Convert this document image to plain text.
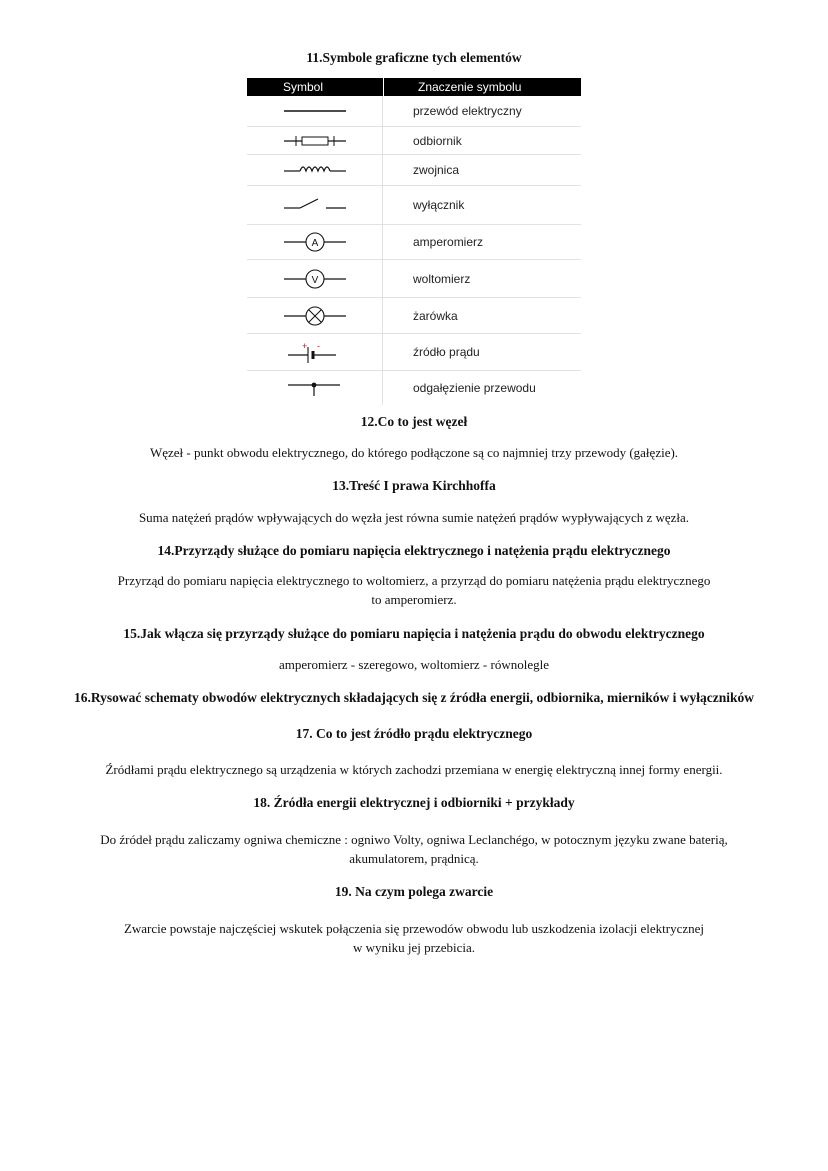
11.Symbole graficzne tych elementów
Symbol	Znaczenie symbolu
przewód elektryczny
odbiornik
zwojnica
wyłącznik
A	amperomierz
V	woltomierz
żarówka
+ -	źródło prądu
odgałęzienie przewodu
12.Co to jest węzeł

Węzeł - punkt obwodu elektrycznego, do którego podłączone są co najmniej trzy przewody (gałęzie).

13.Treść I prawa Kirchhoffa

Suma natężeń prądów wpływających do węzła jest równa sumie natężeń prądów wypływających z węzła.

14.Przyrządy służące do pomiaru napięcia elektrycznego i natężenia prądu elektrycznego

Przyrząd do pomiaru napięcia elektrycznego to woltomierz, a przyrząd do pomiaru natężenia prądu elektrycznego

to amperomierz.

15.Jak włącza się przyrządy służące do pomiaru napięcia i natężenia prądu do obwodu elektrycznego

amperomierz - szeregowo, woltomierz - równolegle

16.Rysować schematy obwodów elektrycznych składających się z źródła energii, odbiornika, mierników i wyłączników
17. Co to jest źródło prądu elektrycznego

Źródłami prądu elektrycznego są urządzenia w których zachodzi przemiana w energię elektryczną innej formy energii.

18. Źródła energii elektrycznej i odbiorniki + przykłady

Do źródeł prądu zaliczamy ogniwa chemiczne : ogniwo Volty, ogniwa Leclanchégo, w potocznym języku zwane baterią,

akumulatorem, prądnicą.

19. Na czym polega zwarcie

Zwarcie powstaje najczęściej wskutek połączenia się przewodów obwodu lub uszkodzenia izolacji elektrycznej

w wyniku jej przebicia.
